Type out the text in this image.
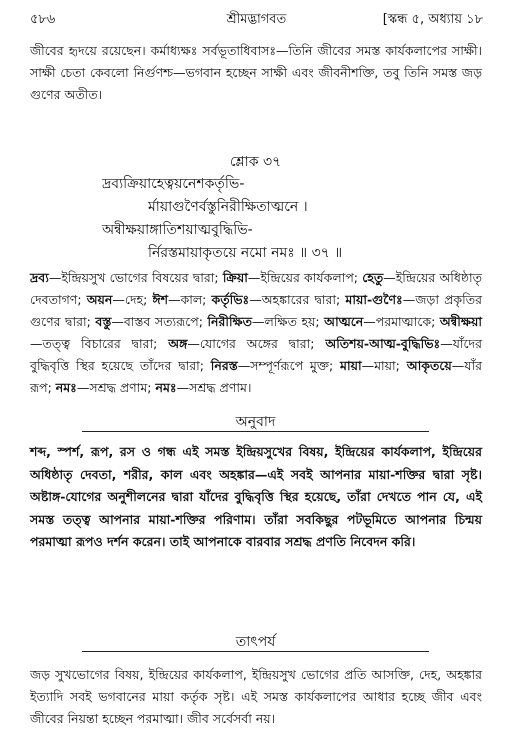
৫৮৬	শ্রীমদ্ভাগবত	[স্কন্ধ ৫, অধ্যায় ১৮

জীবের হৃদয়ে রয়েছেন। কর্মাধ্যক্ষঃ সর্বভূতাধিবাসঃ—তিনি জীবের সমস্ত কার্যকলাপের সাক্ষী। সাক্ষী চেতা কেবলো নির্গুণশ্চ—ভগবান হচ্ছেন সাক্ষী এবং জীবনীশক্তি, তবু তিনি সমস্ত জড় গুণের অতীত।

শ্লোক ৩৭
দ্রব্যক্রিয়াহেত্বয়নেশকর্তৃভি-
র্মায়াগুণৈর্বস্তুনিরীক্ষিতাত্মনে ।
অন্বীক্ষয়াঙ্গাতিশয়াত্মবুদ্ধিভি-
র্নিরস্তমায়াকৃতয়ে নমো নমঃ ॥ ৩৭ ॥

দ্রব্য—ইন্দ্রিয়সুখ ভোগের বিষয়ের দ্বারা; ক্রিয়া—ইন্দ্রিয়ের কার্যকলাপ; হেতু—ইন্দ্রিয়ের অধিষ্ঠাতৃ দেবতাগণ; অয়ন—দেহ; ঈশ—কাল; কর্তৃভিঃ—অহঙ্কারের দ্বারা; মায়া-গুণৈঃ—জড়া প্রকৃতির গুণের দ্বারা; বস্তু—বাস্তব সত্যরূপে; নিরীক্ষিত—লক্ষিত হয়; আত্মনে—পরমাত্মাকে; অন্বীক্ষয়া—তত্ত্ব বিচারের দ্বারা; অঙ্গ—যোগের অঙ্গের দ্বারা; অতিশয়-আত্ম-বুদ্ধিভিঃ—যাঁদের বুদ্ধিবৃত্তি স্থির হয়েছে তাঁদের দ্বারা; নিরস্ত—সম্পূর্ণরূপে মুক্ত; মায়া—মায়া; আকৃতয়ে—যাঁর রূপ; নমঃ—সশ্রদ্ধ প্রণাম; নমঃ—সশ্রদ্ধ প্রণাম।

অনুবাদ

শব্দ, স্পর্শ, রূপ, রস ও গন্ধ এই সমস্ত ইন্দ্রিয়সুখের বিষয়, ইন্দ্রিয়ের কার্যকলাপ, ইন্দ্রিয়ের অধিষ্ঠাতৃ দেবতা, শরীর, কাল এবং অহঙ্কার—এই সবই আপনার মায়া-শক্তির দ্বারা সৃষ্ট। অষ্টাঙ্গ-যোগের অনুশীলনের দ্বারা যাঁদের বুদ্ধিবৃত্তি স্থির হয়েছে, তাঁরা দেখতে পান যে, এই সমস্ত তত্ত্ব আপনার মায়া-শক্তির পরিণাম। তাঁরা সবকিছুর পটভূমিতে আপনার চিন্ময় পরমাত্মা রূপও দর্শন করেন। তাই আপনাকে বারবার সশ্রদ্ধ প্রণতি নিবেদন করি।

তাৎপর্য

জড় সুখভোগের বিষয়, ইন্দ্রিয়ের কার্যকলাপ, ইন্দ্রিয়সুখ ভোগের প্রতি আসক্তি, দেহ, অহঙ্কার ইত্যাদি সবই ভগবানের মায়া কর্তৃক সৃষ্ট। এই সমস্ত কার্যকলাপের আধার হচ্ছে জীব এবং জীবের নিয়ন্তা হচ্ছেন পরমাত্মা। জীব সর্বেসর্বা নয়।
